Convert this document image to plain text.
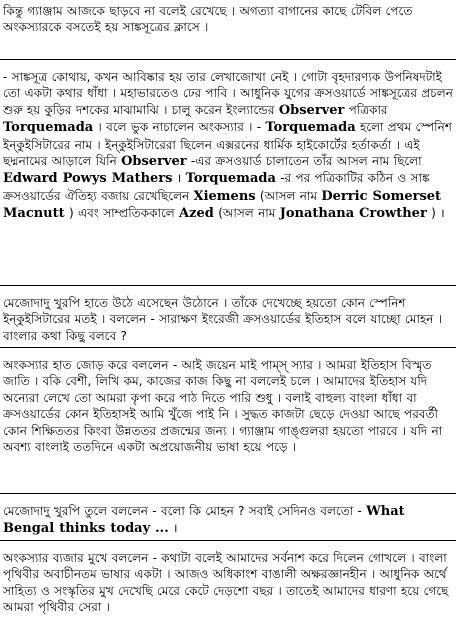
কিন্তু গ্যাঞ্জাম আজকে ছাড়বে না বলেই রেখেছে । অগত্যা বাগানের কাছে টেবিল পেতে অংকস্যারকে বসতেই হয় সাঙ্কসূত্রের ক্লাসে ।

- সাঙ্কসূত্র কোথায়, কখন আবিষ্কার হয় তার লেখাজোখা নেই । গোটা বৃহদারণ্যক উপনিষদটাই তো একটা কথার ধাঁধা । মহাভারতেও ঢের পাবি । আধুনিক যুগের ক্রসওয়ার্ডে সাঙ্কসূত্রের প্রচলন শুরু হয় কুড়ির দশকের মাঝামাঝি । চালু করেন ইংল্যান্ডের Observer পত্রিকার Torquemada । বলে ভুক নাচালেন অংকস্যার । - Torquemada হলো প্রথম স্পেনিশ ইন্কুইসিটারের নাম । ইন্কুইসিটারেরা ছিলেন এক্সরনের ধার্মিক হাইকোর্টের হর্তাকর্তা । এই ছদ্মনামের আড়ালে যিনি Observer -এর ক্রসওয়ার্ড চালাতেন তাঁর আসল নাম ছিলো Edward Powys Mathers । Torquemada -র পর পত্রিকাটির কঠিন ও সাঙ্ক ক্রসওয়ার্ডের ঐতিহ্য বজায় রেখেছিলেন Xiemens (আসল নাম Derric Somerset Macnutt ) এবং সাম্প্রতিককালে Azed (আসল নাম Jonathana Crowther ) ।

মেজোদাদু খুরপি হাতে উঠে এসেছেন উঠোনে । তাঁকে দেখেচ্ছে হয়তো কোন স্পেনিশ ইন্কুইসিটারের মতই । বললেন - সারাক্ষণ ইংরেজী ক্রসওয়ার্ডের ইতিহাস বলে যাচ্ছো মোহন । বাংলার কথা কিছু বলবে ?

অংকস্যার হাত জোড় করে বললেন - আই জয়েন মাই পাম্স্ স্যার । আমরা ইতিহাস বিস্মৃত জাতি । বকি বেশী, লিখি কম, কাজের কাজ কিছু না বললেই চলে । আমাদের ইতিহাস যদি অন্যেরা লেখে তো আমরা কৃপা করে পাঠ দিতে পারি শুধু । বলাই বাহুল্য বাংলা ধাঁধা বা ক্রসওয়ার্ডের কোন ইতিহাসই আমি খুঁজে পাই নি । সুদ্ধত কাজটা ছেড়ে দেওয়া আছে পরবর্তী কোন শিক্ষিততর কিংবা উন্নততর প্রজন্মের জন্য । গ্যাঞ্জাম গাঙ্গুলরা হয়তো পারবে । যদি না অবশ্য বাংলাই ততদিনে একটা অপ্রয়োজনীয় ভাষা হয়ে পড়ে ।

মেজোদাদু খুরপি তুলে বললেন - বলো কি মোহন ? সবাই সেদিনও বলতো - What Bengal thinks today ... ।

অংকস্যার ব্যজার মুখে বললেন - কথাটা বলেই আমাদের সর্বনাশ করে দিলেন গোখলে । বাংলা পৃথিবীর অবাচীনতম ভাষার একটা । আজও অধিকাংশ বাঙালী অক্ষরজ্ঞানহীন । আধুনিক অর্থে সাহিত্য ও সংস্কৃতির মুখ দেখেছি মেরে কেটে দেড়শো বছর । তাতেই আমাদের ধারণা হয়ে গেছে আমরা পৃথিবীর সেরা ।
